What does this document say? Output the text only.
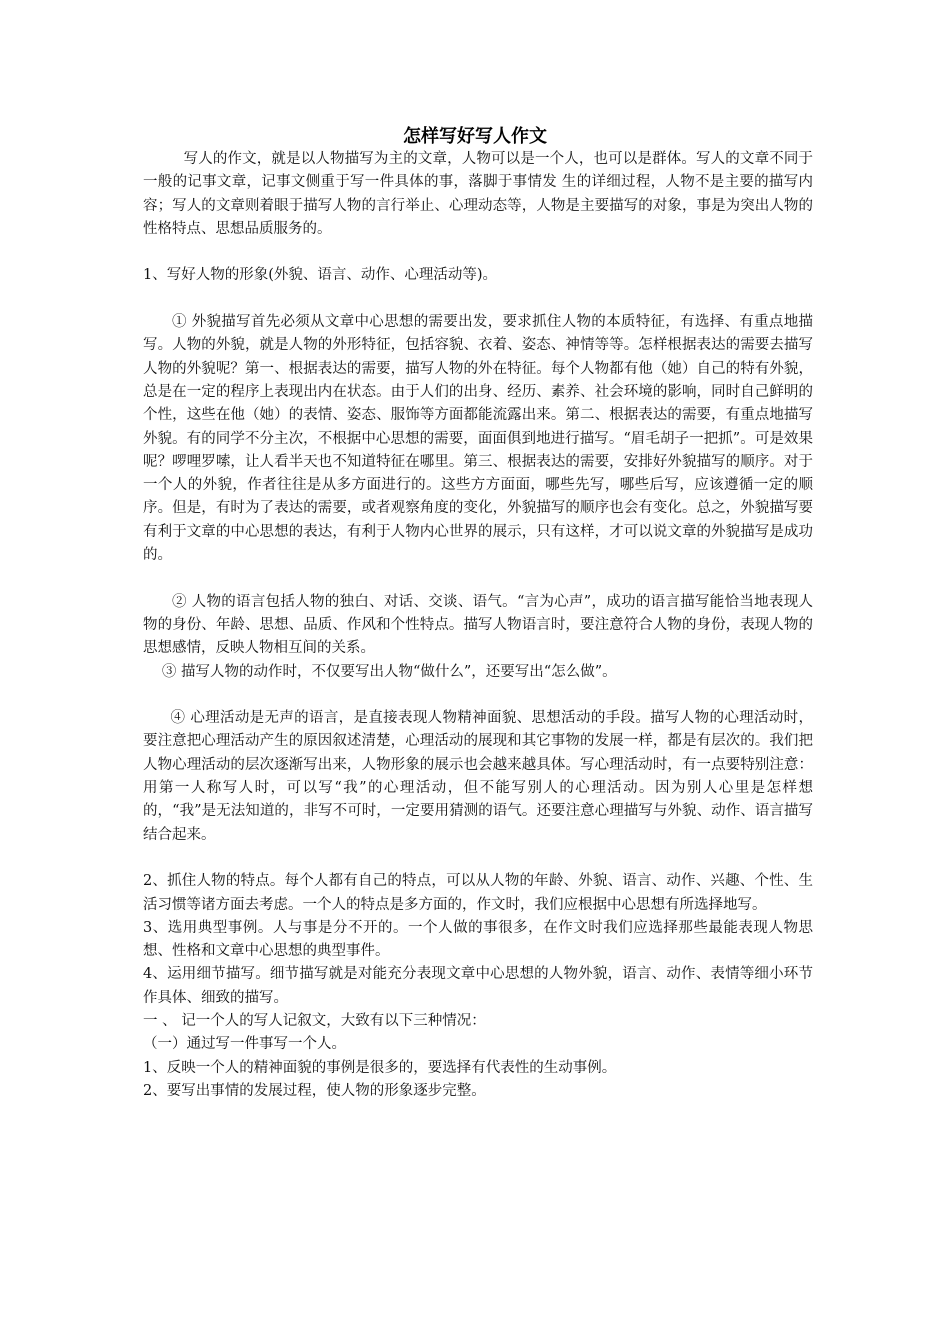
怎样写好写人作文

写人的作文，就是以人物描写为主的文章，人物可以是一个人，也可以是群体。写人的文章不同于一般的记事文章，记事文侧重于写一件具体的事，落脚于事情发 生的详细过程，人物不是主要的描写内容；写人的文章则着眼于描写人物的言行举止、心理动态等，人物是主要描写的对象，事是为突出人物的性格特点、思想品质服务的。

1、写好人物的形象(外貌、语言、动作、心理活动等)。

① 外貌描写首先必须从文章中心思想的需要出发，要求抓住人物的本质特征，有选择、有重点地描写。人物的外貌，就是人物的外形特征，包括容貌、衣着、姿态、神情等等。怎样根据表达的需要去描写人物的外貌呢？第一、根据表达的需要，描写人物的外在特征。每个人物都有他（她）自己的特有外貌，总是在一定的程序上表现出内在状态。由于人们的出身、经历、素养、社会环境的影响，同时自己鲜明的个性，这些在他（她）的表情、姿态、服饰等方面都能流露出来。第二、根据表达的需要，有重点地描写外貌。有的同学不分主次，不根据中心思想的需要，面面俱到地进行描写。“眉毛胡子一把抓”。可是效果呢？啰哩罗嗦，让人看半天也不知道特征在哪里。第三、根据表达的需要，安排好外貌描写的顺序。对于一个人的外貌，作者往往是从多方面进行的。这些方方面面，哪些先写，哪些后写，应该遵循一定的顺序。但是，有时为了表达的需要，或者观察角度的变化，外貌描写的顺序也会有变化。总之，外貌描写要有利于文章的中心思想的表达，有利于人物内心世界的展示，只有这样，才可以说文章的外貌描写是成功的。

② 人物的语言包括人物的独白、对话、交谈、语气。“言为心声”，成功的语言描写能恰当地表现人物的身份、年龄、思想、品质、作风和个性特点。描写人物语言时，要注意符合人物的身份，表现人物的思想感情，反映人物相互间的关系。

③ 描写人物的动作时，不仅要写出人物“做什么”，还要写出“怎么做”。

④ 心理活动是无声的语言，是直接表现人物精神面貌、思想活动的手段。描写人物的心理活动时，要注意把心理活动产生的原因叙述清楚，心理活动的展现和其它事物的发展一样，都是有层次的。我们把人物心理活动的层次逐渐写出来，人物形象的展示也会越来越具体。写心理活动时，有一点要特别注意：用第一人称写人时，可以写“我”的心理活动，但不能写别人的心理活动。因为别人心里是怎样想的，“我”是无法知道的，非写不可时，一定要用猜测的语气。还要注意心理描写与外貌、动作、语言描写结合起来。

2、抓住人物的特点。每个人都有自己的特点，可以从人物的年龄、外貌、语言、动作、兴趣、个性、生活习惯等诸方面去考虑。一个人的特点是多方面的，作文时，我们应根据中心思想有所选择地写。

3、选用典型事例。人与事是分不开的。一个人做的事很多，在作文时我们应选择那些最能表现人物思想、性格和文章中心思想的典型事件。

4、运用细节描写。细节描写就是对能充分表现文章中心思想的人物外貌，语言、动作、表情等细小环节作具体、细致的描写。

一 、 记一个人的写人记叙文，大致有以下三种情况：

（一）通过写一件事写一个人。

1、反映一个人的精神面貌的事例是很多的，要选择有代表性的生动事例。

2、要写出事情的发展过程，使人物的形象逐步完整。
